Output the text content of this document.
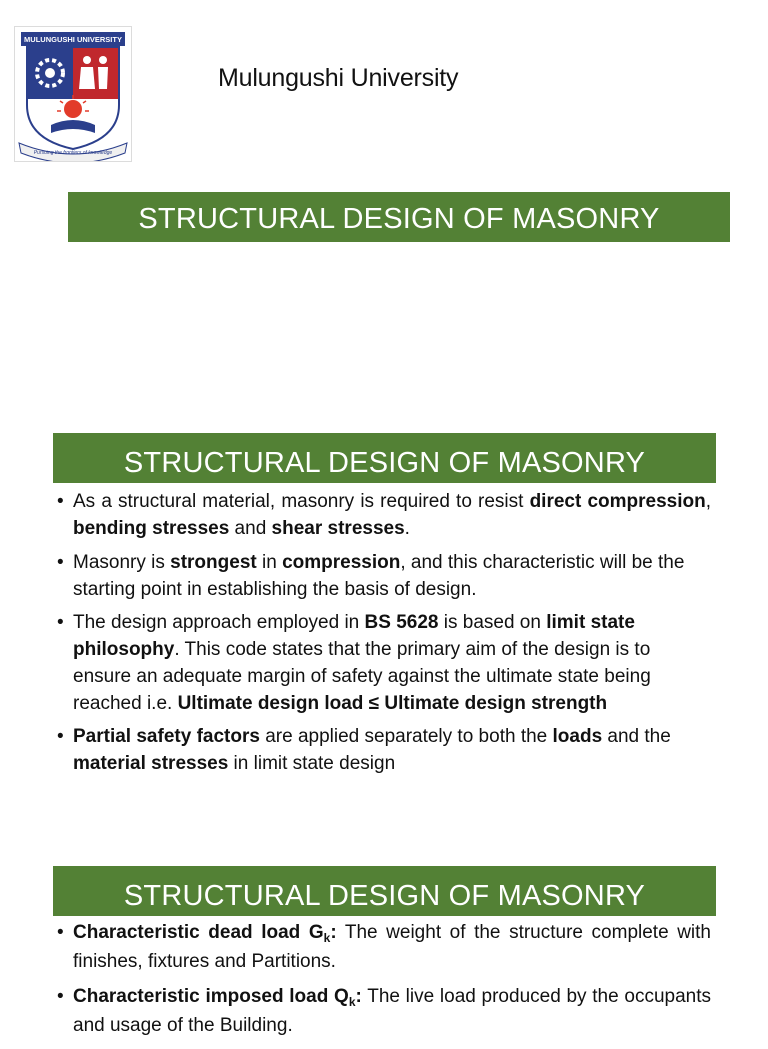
MULUNGUSHI UNIVERSITY
Pursuing the frontiers of knowledge
Mulungushi University
STRUCTURAL DESIGN OF MASONRY
STRUCTURAL DESIGN OF MASONRY
• As a structural material, masonry is required to resist direct compression, bending stresses and shear stresses.
• Masonry is strongest in compression, and this characteristic will be the starting point in establishing the basis of design.
• The design approach employed in BS 5628 is based on limit state philosophy. This code states that the primary aim of the design is to ensure an adequate margin of safety against the ultimate state being reached i.e. Ultimate design load ≤ Ultimate design strength
• Partial safety factors are applied separately to both the loads and the material stresses in limit state design
STRUCTURAL DESIGN OF MASONRY
• Characteristic dead load $G_k$: The weight of the structure complete with finishes, fixtures and Partitions.
• Characteristic imposed load $Q_k$: The live load produced by the occupants and usage of the Building.
